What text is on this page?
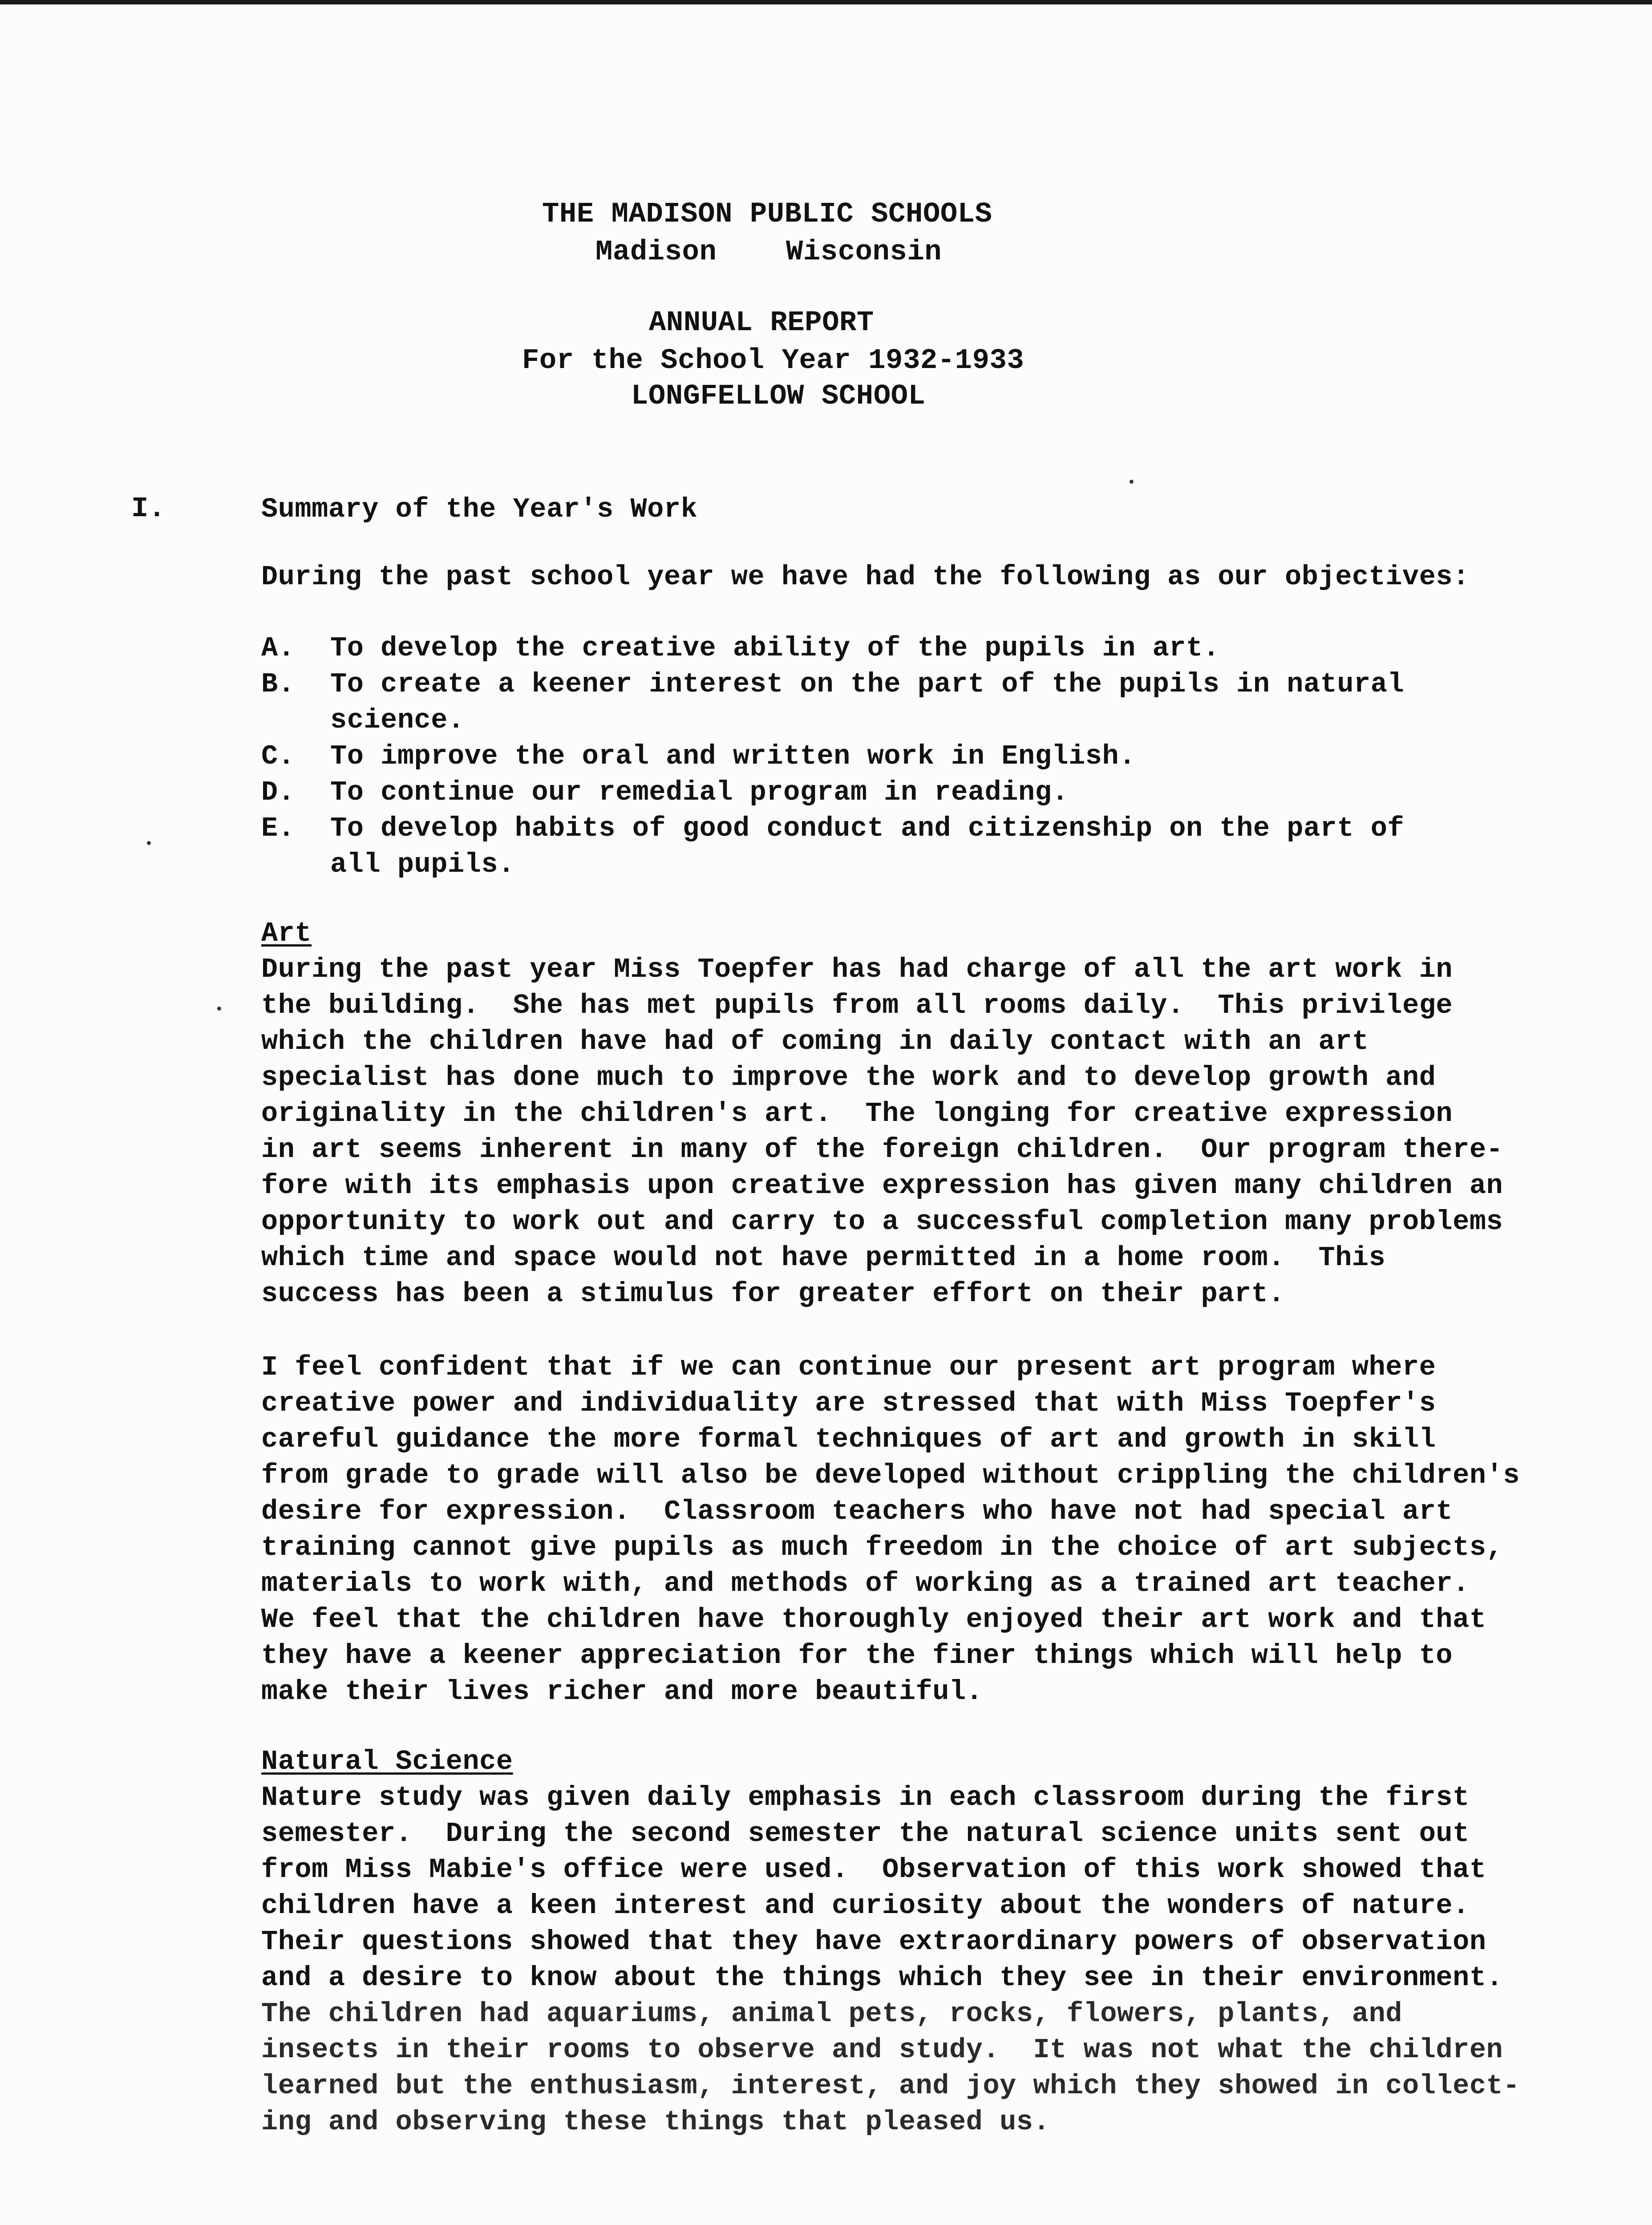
THE MADISON PUBLIC SCHOOLS
Madison    Wisconsin
ANNUAL REPORT
For the School Year 1932-1933
LONGFELLOW SCHOOL
I.	Summary of the Year's Work
During the past school year we have had the following as our objectives:
A. To develop the creative ability of the pupils in art.
B. To create a keener interest on the part of the pupils in natural
science.
C. To improve the oral and written work in English.
D. To continue our remedial program in reading.
E. To develop habits of good conduct and citizenship on the part of
all pupils.
Art
During the past year Miss Toepfer has had charge of all the art work in
the building.  She has met pupils from all rooms daily.  This privilege
which the children have had of coming in daily contact with an art
specialist has done much to improve the work and to develop growth and
originality in the children's art.  The longing for creative expression
in art seems inherent in many of the foreign children.  Our program there-
fore with its emphasis upon creative expression has given many children an
opportunity to work out and carry to a successful completion many problems
which time and space would not have permitted in a home room.  This
success has been a stimulus for greater effort on their part.
I feel confident that if we can continue our present art program where
creative power and individuality are stressed that with Miss Toepfer's
careful guidance the more formal techniques of art and growth in skill
from grade to grade will also be developed without crippling the children's
desire for expression.  Classroom teachers who have not had special art
training cannot give pupils as much freedom in the choice of art subjects,
materials to work with, and methods of working as a trained art teacher.
We feel that the children have thoroughly enjoyed their art work and that
they have a keener appreciation for the finer things which will help to
make their lives richer and more beautiful.
Natural Science
Nature study was given daily emphasis in each classroom during the first
semester.  During the second semester the natural science units sent out
from Miss Mabie's office were used.  Observation of this work showed that
children have a keen interest and curiosity about the wonders of nature.
Their questions showed that they have extraordinary powers of observation
and a desire to know about the things which they see in their environment.
The children had aquariums, animal pets, rocks, flowers, plants, and
insects in their rooms to observe and study.  It was not what the children
learned but the enthusiasm, interest, and joy which they showed in collect-
ing and observing these things that pleased us.
